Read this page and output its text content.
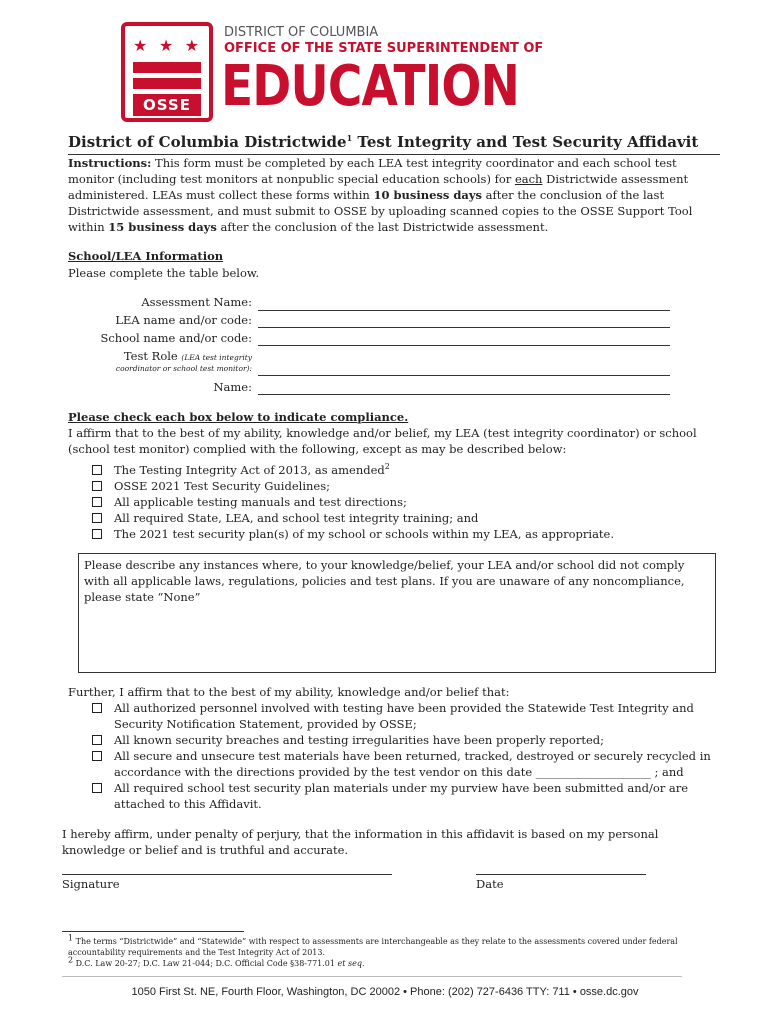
★ ★ ★
OSSE
DISTRICT OF COLUMBIA
OFFICE OF THE STATE SUPERINTENDENT OF
EDUCATION
District of Columbia Districtwide$^1$ Test Integrity and Test Security Affidavit
Instructions: This form must be completed by each LEA test integrity coordinator and each school test monitor (including test monitors at nonpublic special education schools) for each Districtwide assessment administered. LEAs must collect these forms within 10 business days after the conclusion of the last Districtwide assessment, and must submit to OSSE by uploading scanned copies to the OSSE Support Tool within 15 business days after the conclusion of the last Districtwide assessment.
School/LEA Information
Please complete the table below.
Assessment Name:
LEA name and/or code:
School name and/or code:
Test Role (LEA test integrity
coordinator or school test monitor):
Name:
Please check each box below to indicate compliance.
I affirm that to the best of my ability, knowledge and/or belief, my LEA (test integrity coordinator) or school (school test monitor) complied with the following, except as may be described below:
The Testing Integrity Act of 2013, as amended$^2$
OSSE 2021 Test Security Guidelines;
All applicable testing manuals and test directions;
All required State, LEA, and school test integrity training; and
The 2021 test security plan(s) of my school or schools within my LEA, as appropriate.
Please describe any instances where, to your knowledge/belief, your LEA and/or school did not comply with all applicable laws, regulations, policies and test plans. If you are unaware of any noncompliance, please state “None”
Further, I affirm that to the best of my ability, knowledge and/or belief that:
All authorized personnel involved with testing have been provided the Statewide Test Integrity and Security Notification Statement, provided by OSSE;
All known security breaches and testing irregularities have been properly reported;
All secure and unsecure test materials have been returned, tracked, destroyed or securely recycled in accordance with the directions provided by the test vendor on this date ____________________ ; and
All required school test security plan materials under my purview have been submitted and/or are attached to this Affidavit.
I hereby affirm, under penalty of perjury, that the information in this affidavit is based on my personal knowledge or belief and is truthful and accurate.
Signature	Date
1 The terms “Districtwide” and “Statewide” with respect to assessments are interchangeable as they relate to the assessments covered under federal accountability requirements and the Test Integrity Act of 2013.
2 D.C. Law 20-27; D.C. Law 21-044; D.C. Official Code §38-771.01 et seq.
1050 First St. NE, Fourth Floor, Washington, DC 20002 • Phone: (202) 727-6436 TTY: 711 • osse.dc.gov
